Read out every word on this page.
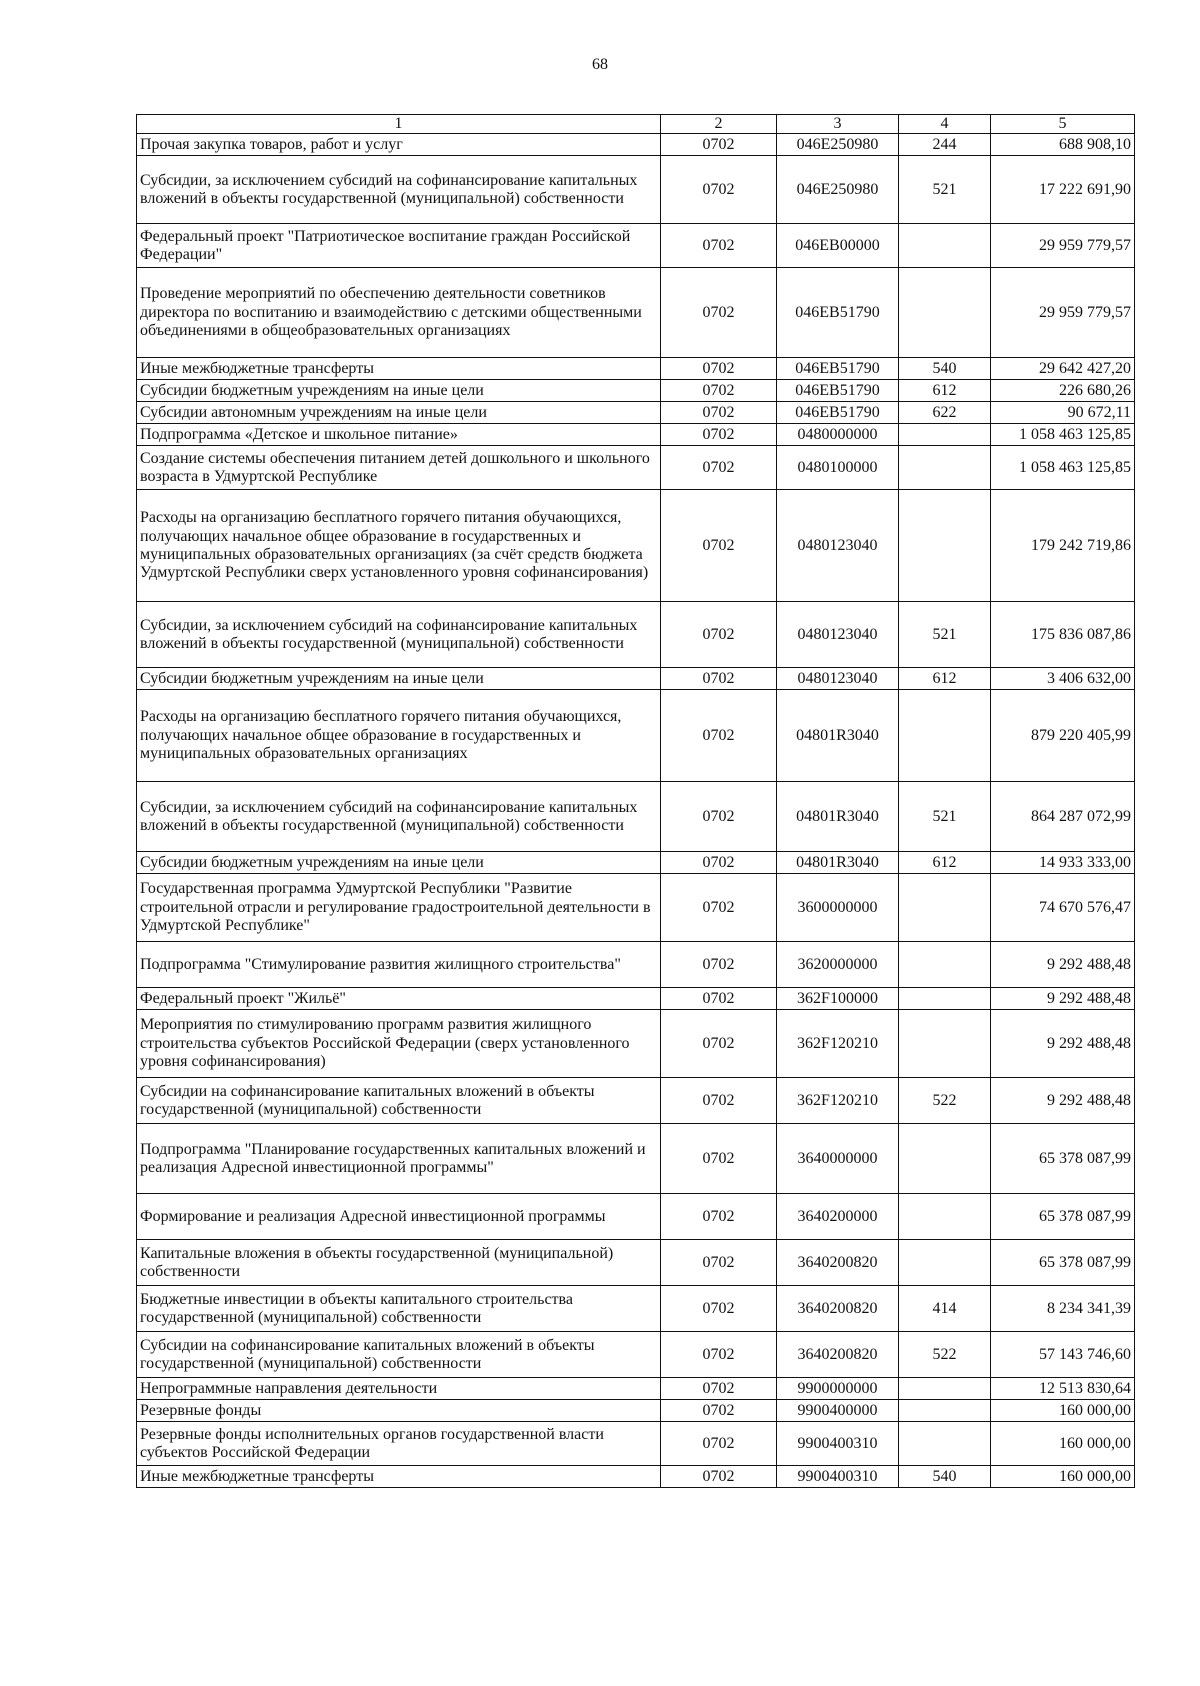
68
1	2	3	4	5
Прочая закупка товаров, работ и услуг	0702	046E250980	244	688 908,10
Субсидии, за исключением субсидий на софинансирование капитальных вложений в объекты государственной (муниципальной) собственности	0702	046E250980	521	17 222 691,90
Федеральный проект "Патриотическое воспитание граждан Российской Федерации"	0702	046EB00000		29 959 779,57
Проведение мероприятий по обеспечению деятельности советников директора по воспитанию и взаимодействию с детскими общественными объединениями в общеобразовательных организациях	0702	046EB51790		29 959 779,57
Иные межбюджетные трансферты	0702	046EB51790	540	29 642 427,20
Субсидии бюджетным учреждениям на иные цели	0702	046EB51790	612	226 680,26
Субсидии автономным учреждениям на иные цели	0702	046EB51790	622	90 672,11
Подпрограмма «Детское и школьное питание»	0702	0480000000		1 058 463 125,85
Создание системы обеспечения питанием детей дошкольного и школьного возраста в Удмуртской Республике	0702	0480100000		1 058 463 125,85
Расходы на организацию бесплатного горячего питания обучающихся, получающих начальное общее образование в государственных и муниципальных образовательных организациях (за счёт средств бюджета Удмуртской Республики сверх установленного уровня софинансирования)	0702	0480123040		179 242 719,86
Субсидии, за исключением субсидий на софинансирование капитальных вложений в объекты государственной (муниципальной) собственности	0702	0480123040	521	175 836 087,86
Субсидии бюджетным учреждениям на иные цели	0702	0480123040	612	3 406 632,00
Расходы на организацию бесплатного горячего питания обучающихся, получающих начальное общее образование в государственных и муниципальных образовательных организациях	0702	04801R3040		879 220 405,99
Субсидии, за исключением субсидий на софинансирование капитальных вложений в объекты государственной (муниципальной) собственности	0702	04801R3040	521	864 287 072,99
Субсидии бюджетным учреждениям на иные цели	0702	04801R3040	612	14 933 333,00
Государственная программа Удмуртской Республики "Развитие строительной отрасли и регулирование градостроительной деятельности в Удмуртской Республике"	0702	3600000000		74 670 576,47
Подпрограмма "Стимулирование развития жилищного строительства"	0702	3620000000		9 292 488,48
Федеральный проект "Жильё"	0702	362F100000		9 292 488,48
Мероприятия по стимулированию программ развития жилищного строительства субъектов Российской Федерации (сверх установленного уровня софинансирования)	0702	362F120210		9 292 488,48
Субсидии на софинансирование капитальных вложений в объекты государственной (муниципальной) собственности	0702	362F120210	522	9 292 488,48
Подпрограмма "Планирование государственных капитальных вложений и реализация Адресной инвестиционной программы"	0702	3640000000		65 378 087,99
Формирование и реализация Адресной инвестиционной программы	0702	3640200000		65 378 087,99
Капитальные вложения в объекты государственной (муниципальной) собственности	0702	3640200820		65 378 087,99
Бюджетные инвестиции в объекты капитального строительства государственной (муниципальной) собственности	0702	3640200820	414	8 234 341,39
Субсидии на софинансирование капитальных вложений в объекты государственной (муниципальной) собственности	0702	3640200820	522	57 143 746,60
Непрограммные направления деятельности	0702	9900000000		12 513 830,64
Резервные фонды	0702	9900400000		160 000,00
Резервные фонды исполнительных органов государственной власти субъектов Российской Федерации	0702	9900400310		160 000,00
Иные межбюджетные трансферты	0702	9900400310	540	160 000,00
